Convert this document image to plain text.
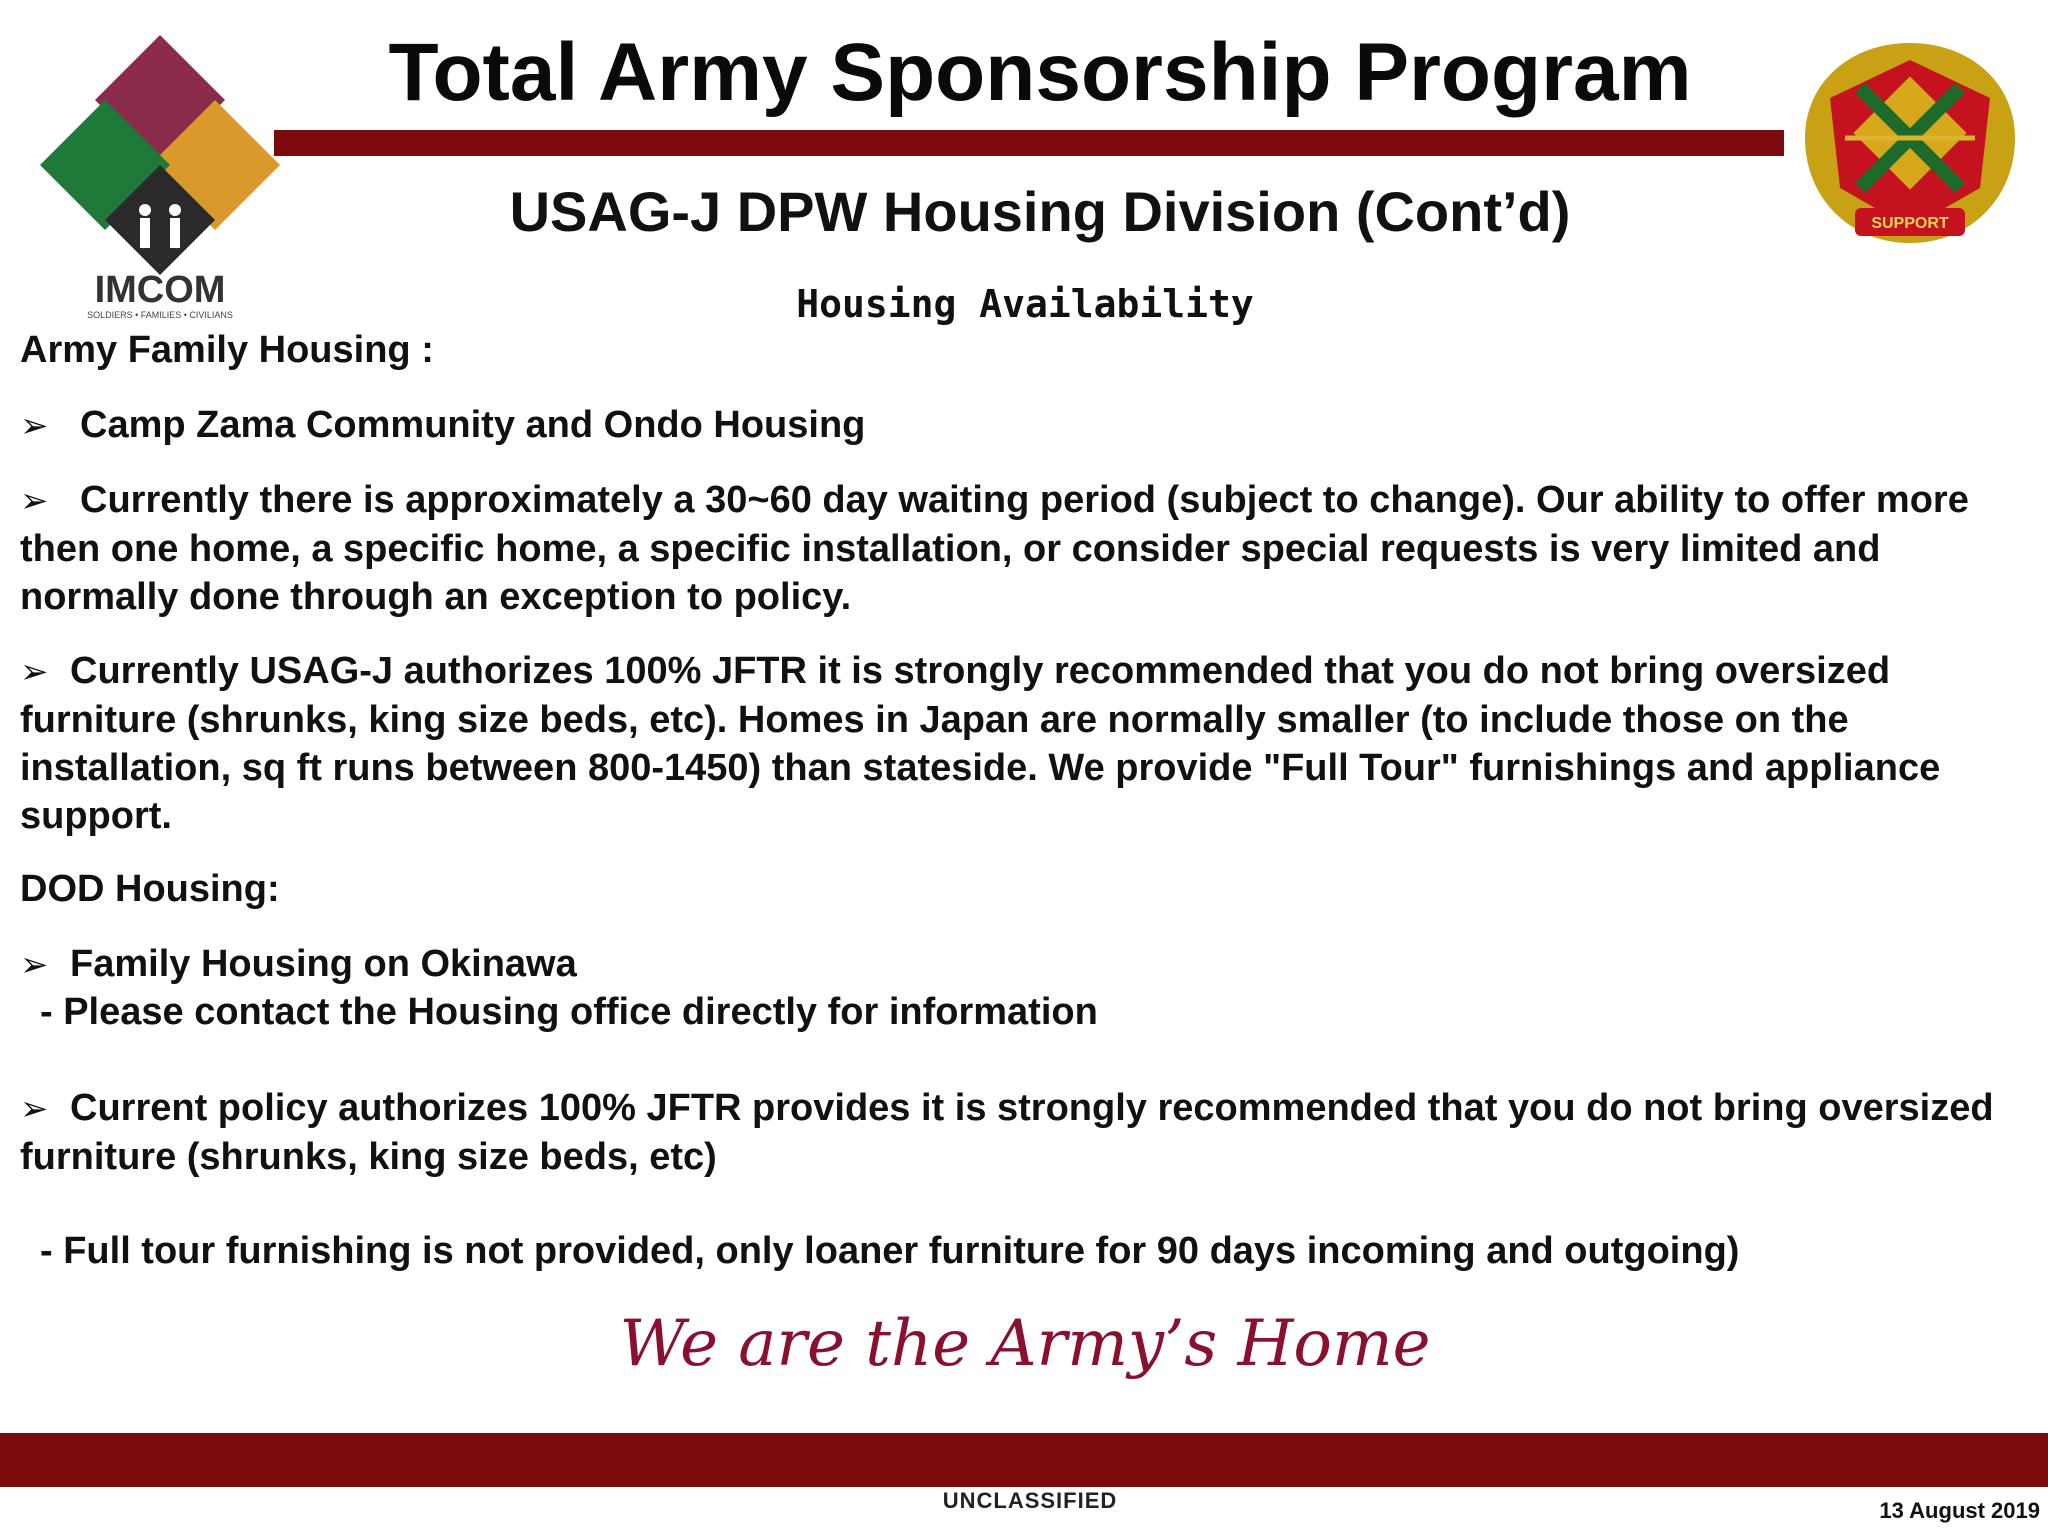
IMCOM
SOLDIERS • FAMILIES • CIVILIANS
Total Army Sponsorship Program
SUPPORT
USAG-J DPW Housing Division (Cont’d)
Housing Availability
Army Family Housing :
➢ Camp Zama Community and Ondo Housing
➢ Currently there is approximately a 30~60 day waiting period (subject to change). Our ability to offer more then one home, a specific home, a specific installation, or consider special requests is very limited and normally done through an exception to policy.
➢ Currently USAG-J authorizes 100% JFTR it is strongly recommended that you do not bring oversized furniture (shrunks, king size beds, etc). Homes in Japan are normally smaller (to include those on the installation, sq ft runs between 800-1450) than stateside. We provide "Full Tour" furnishings and appliance support.
DOD Housing:
➢ Family Housing on Okinawa
- Please contact the Housing office directly for information
➢ Current policy authorizes 100% JFTR provides it is strongly recommended that you do not bring oversized furniture (shrunks, king size beds, etc)
- Full tour furnishing is not provided, only loaner furniture for 90 days incoming and outgoing)
We are the Army’s Home
UNCLASSIFIED	13 August 2019
